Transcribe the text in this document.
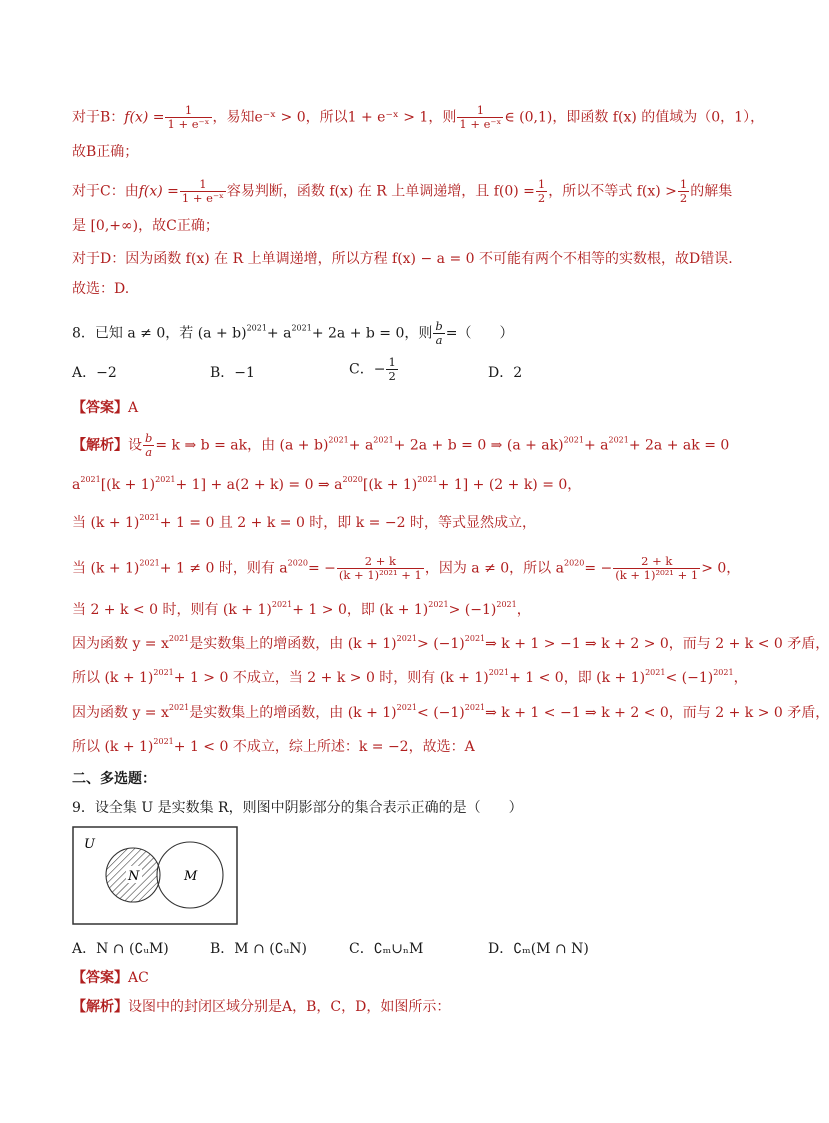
对于B：$f(x) = \frac{1}{\text{1 + e⁻ˣ}}$ ，易知e⁻ˣ > 0，所以1 + e⁻ˣ > 1，则 $\frac{1}{\text{1 + e⁻ˣ}}$ ∈ (0,1)，即函数 f(x) 的值域为（0，1），
故B正确；
对于C：由$f(x) = \frac{1}{\text{1 + e⁻ˣ}}$ 容易判断，函数 f(x) 在 R 上单调递增，且 $f(0) = \frac{1}{2}$ ，所以不等式 $f(x) > \frac{1}{2}$ 的解集
是 [0,+∞)，故C正确；
对于D：因为函数 f(x) 在 R 上单调递增，所以方程 f(x) − a = 0 不可能有两个不相等的实数根，故D错误.
故选：D.
8．已知 a ≠ 0，若 $(a + b)^{2021}+ a^{2021}+ 2a + b = 0$，则 $\frac{b}{a}$ =（　　）
A．−2	B．−1	C．− $\frac{1}{2}$	D．2
【答案】A
【解析】设 $\frac{b}{a} = k$ ⇒ b = ak，由 $(a + b)^{2021}+ a^{2021}+ 2a + b = 0$ ⇒ $(a + ak)^{2021}+ a^{2021}+ 2a$ + ak = 0
$a^{2021}[(k + 1)^{2021}+ 1] + a(2 + k) = 0$ ⇒ $a^{2020}[(k + 1)^{2021}+ 1] + (2 + k) = 0$，
当 $(k + 1)^{2021}+ 1 = 0$ 且 2 + k = 0 时，即 k = −2 时，等式显然成立，
当 $(k + 1)^{2021}+ 1 \ne 0$ 时，则有 $a^{2020}= - \frac{2 + k}{\text{(k + 1)²⁰²¹ + 1}}$ ，因为 a ≠ 0，所以 $a^{2020}= - \frac{2 + k}{\text{(k + 1)²⁰²¹ + 1}} > 0$，
当 2 + k < 0 时，则有 $(k + 1)^{2021}+ 1 > 0$，即 $(k + 1)^{2021}> (-1)^{2021}$，
因为函数 $y = x^{2021}$是实数集上的增函数，由 $(k + 1)^{2021}>$ $(-1)^{2021}\Rightarrow$ k + 1 > −1 ⇒ k + 2 > 0，而与 2 + k < 0 矛盾，
所以 $(k + 1)^{2021}+ 1 > 0$ 不成立，当 2 + k > 0 时，则有 $(k + 1)^{2021}+ 1 < 0$，即 $(k + 1)^{2021}< (-1)^{2021}$，
因为函数 $y = x^{2021}$是实数集上的增函数，由 $(k + 1)^{2021}<$ $(-1)^{2021}\Rightarrow$ k + 1 < −1 ⇒ k + 2 < 0，而与 2 + k > 0 矛盾，
所以 $(k + 1)^{2021}+ 1 < 0$ 不成立，综上所述：k = −2，故选：A
二、多选题：
9．设全集 U 是实数集 R，则图中阴影部分的集合表示正确的是（　　）
U
N	M
A．N ∩ (∁ᵤM)	B．M ∩ (∁ᵤN)	C．∁ₘ∪ₙM	D．∁ₘ(M ∩ N)
【答案】AC
【解析】设图中的封闭区域分别是A，B，C，D，如图所示：
